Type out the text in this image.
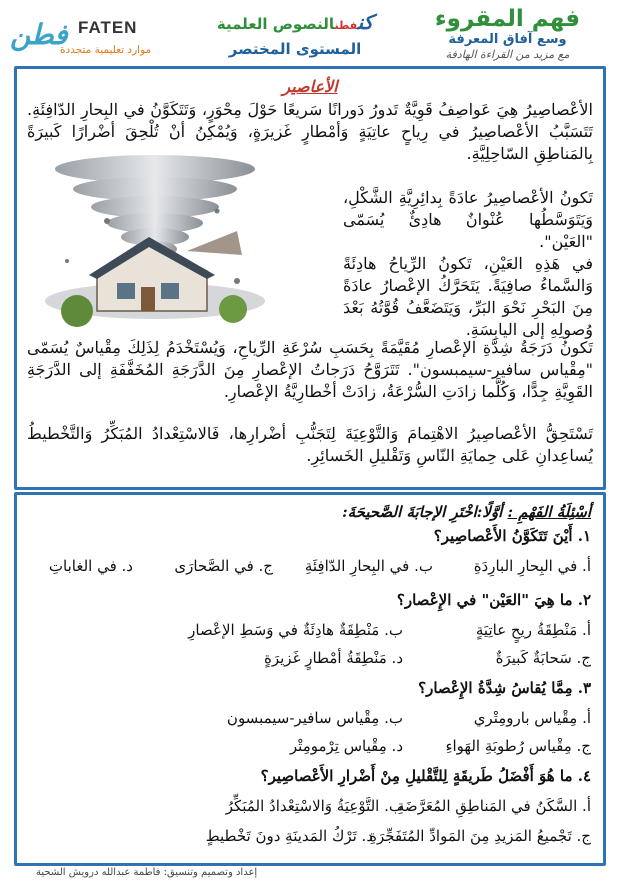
فطن FATEN
موارد تعليمية متجددة
كنفطنالنصوص العلمية
المستوى المختصر
فهم المقروء
وسع آفاق المعرفة
مع مزيد من القراءة الهادفة
الأعاصير

الأعْصاصِيرُ هِيَ عَواصِفُ قَوِيَّةٌ تَدورُ دَورانًا سَريعًا حَوْلَ مِحْوَرٍ، وَتَتَكَوَّنُ في البِحارِ الدّافِئَةِ. تَتَسَبَّبُ الأعْصاصِيرُ في رِياحٍ عاتِيَةٍ وَأمْطارٍ غَزيرَةٍ، وَيُمْكِنُ أنْ تُلْحِقَ أضْرارًا كَبيرَةً بِالمَناطِقِ السّاحِلِيَّةِ.

تَكونُ الأعْصاصِيرُ عادَةً بِدائِرِيَّةِ الشَّكْلِ، وَيَتَوَسَّطُها عُنْوانٌ هادِئٌ يُسَمّى "العَيْن".

في هَذِهِ العَيْنِ، تَكونُ الرِّياحُ هادِئَةً وَالسَّماءُ صافِيَةً. يَتَحَرَّكُ الإعْصارُ عادَةً مِنَ البَحْرِ نَحْوَ البَرِّ، وَيَتَضَعَّفُ قُوَّتُهُ بَعْدَ وُصولِهِ إلى اليابِسَةِ.

تَكونُ دَرَجَةُ شِدَّةِ الإعْصارِ مُقَيَّمَةً بِحَسَبِ سُرْعَةِ الرِّياحِ، وَيُسْتَخْدَمُ لِذَلِكَ مِقْياسٌ يُسَمّى "مِقْياس سافير-سيمبسون". تَتَرَوَّحُ دَرَجاتُ الإعْصارِ مِنَ الدَّرَجَةِ المُخَفَّفَةِ إلى الدَّرَجَةِ القَوِيَّةِ جِدًّا، وَكُلَّما زادَتِ السُّرْعَةُ، زادَتْ أخْطارِيَّةُ الإعْصارِ.

تَسْتَحِقُّ الأعْصاصِيرُ الاهْتِمامَ وَالتَّوْعِيَةَ لِتَجَنُّبِ أضْرارِها، فَالاسْتِعْدادُ المُبَكِّرُ وَالتَّخْطيطُ يُساعِدانِ عَلى حِمايَةِ النّاسِ وَتَقْليلِ الخَسائِرِ.

أسْئِلَةُ الفَهْمِ : أوَّلًا:اخْتَرِ الإجابَةَ الصَّحيحَةَ:
١. أَيْنَ تَتَكَوَّنُ الأَعْصاصِير؟
أ. في البِحارِ البارِدَةِ
ب. في البِحارِ الدّافِئَةِ
ج. في الصَّحارَى
د. في الغاباتِ
٢. ما هِيَ "العَيْن" في الإِعْصار؟
أ. مَنْطِقَةُ ريحٍ عاتِيَةٍ
ب. مَنْطِقَةٌ هادِئَةٌ في وَسَطِ الإعْصارِ
ج. سَحابَةٌ كَبيرَةٌ
د. مَنْطِقَةُ أمْطارٍ غَزيرَةٍ
٣. مِمَّا يُقاسُ شِدَّةُ الإِعْصار؟
أ. مِقْياس بارومِتْري
ب. مِقْياس سافير-سيمبسون
ج. مِقْياس رُطوبَةِ الهَواءِ
د. مِقْياس تِرْمومِتْر
٤. ما هُوَ أَفْضَلُ طَريقَةٍ لِلتَّقْليلِ مِنْ أَضْرارِ الأَعْصاصِير؟
أ. السَّكَنُ في المَناطِقِ المُعَرَّضَةِ
ب. التَّوْعِيَةُ وَالاسْتِعْدادُ المُبَكِّرُ
ج. تَجْميعُ المَزيدِ مِنَ المَوادِّ المُتَفَجِّرَةِ
د. تَرْكُ المَدينَةِ دونَ تَخْطيطٍ
إعداد وتصميم وتنسيق: فاطمة عبدالله درويش الشحية
